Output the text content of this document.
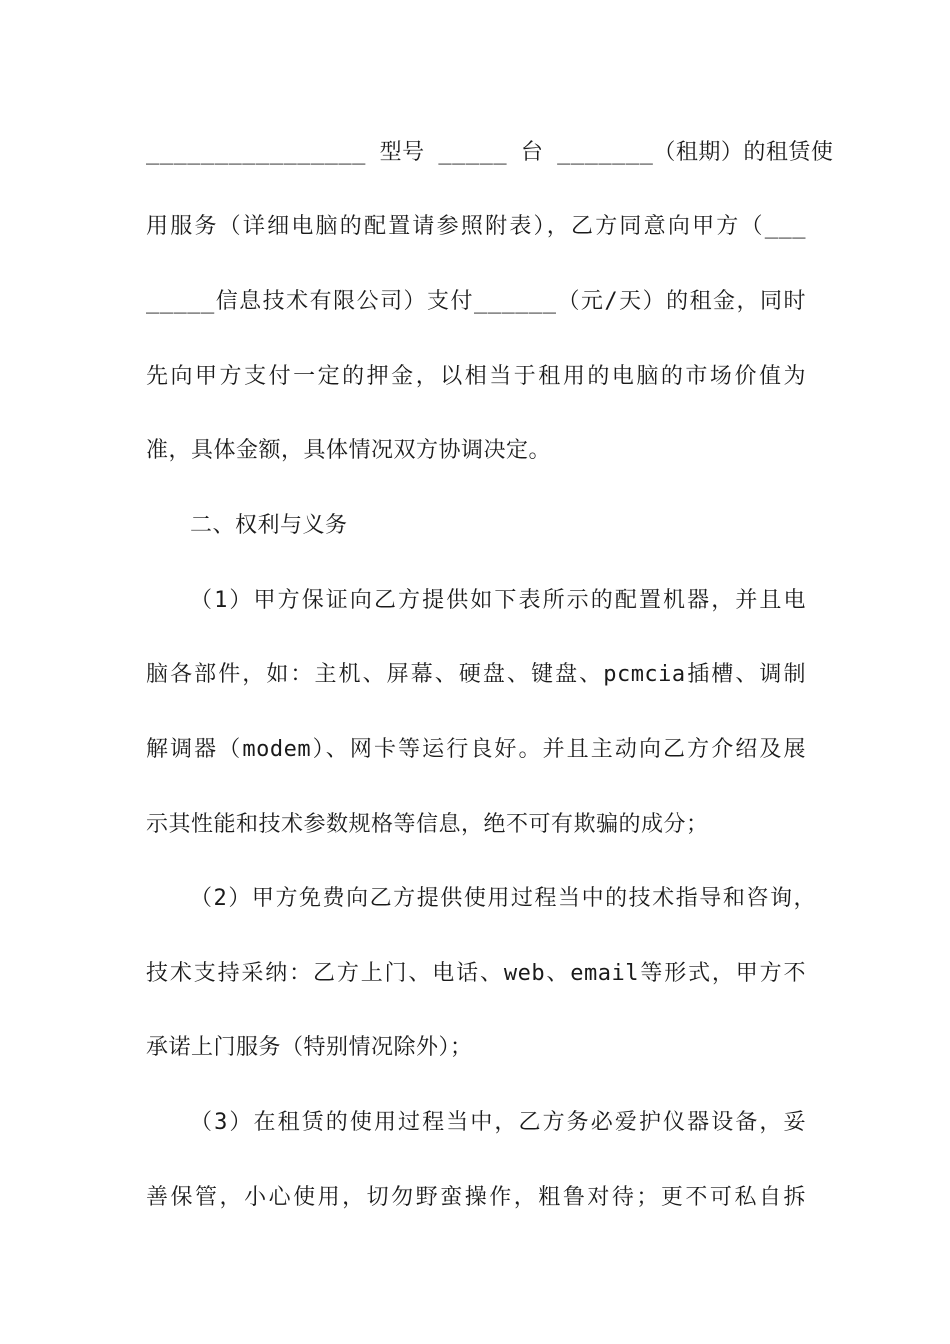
________________ 型号 _____ 台 _______（租期）的租赁使
用服务（详细电脑的配置请参照附表），乙方同意向甲方（___
_____信息技术有限公司）支付______（元/天）的租金，同时
先向甲方支付一定的押金，以相当于租用的电脑的市场价值为
准，具体金额，具体情况双方协调决定。
二、权利与义务
（1）甲方保证向乙方提供如下表所示的配置机器，并且电
脑各部件，如：主机、屏幕、硬盘、键盘、pcmcia插槽、调制
解调器（modem）、网卡等运行良好。并且主动向乙方介绍及展
示其性能和技术参数规格等信息，绝不可有欺骗的成分；
（2）甲方免费向乙方提供使用过程当中的技术指导和咨询，
技术支持采纳：乙方上门、电话、web、email等形式，甲方不
承诺上门服务（特别情况除外）；
（3）在租赁的使用过程当中，乙方务必爱护仪器设备，妥
善保管，小心使用，切勿野蛮操作，粗鲁对待；更不可私自拆
